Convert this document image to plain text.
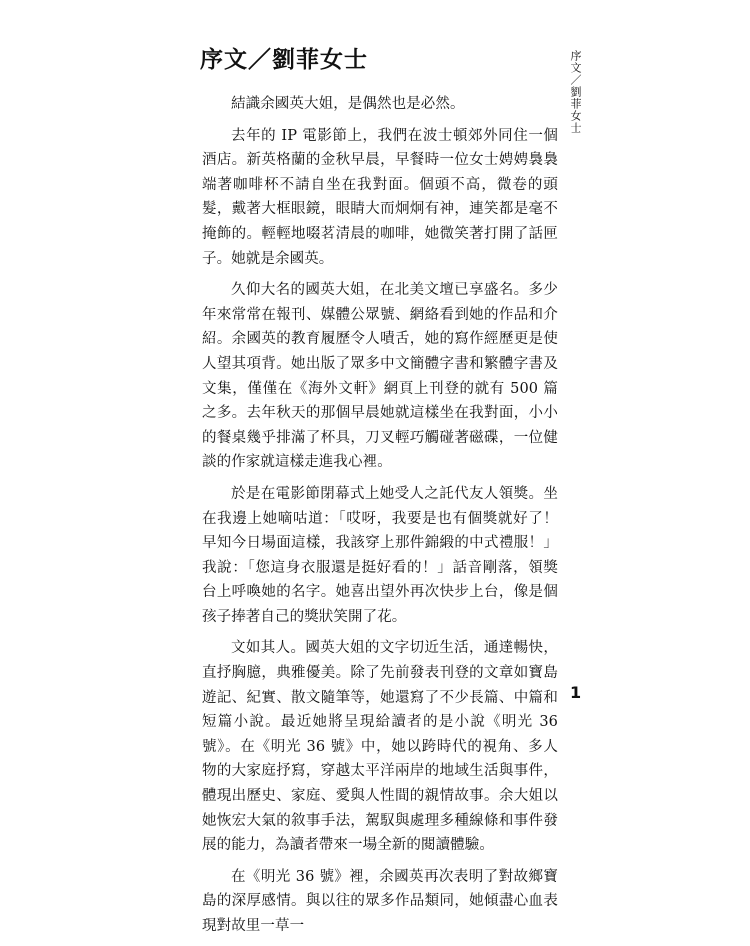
序文／劉菲女士

結識余國英大姐，是偶然也是必然。

去年的 IP 電影節上，我們在波士頓郊外同住一個酒店。新英格蘭的金秋早晨，早餐時一位女士娉娉裊裊端著咖啡杯不請自坐在我對面。個頭不高，微卷的頭髮，戴著大框眼鏡，眼睛大而炯炯有神，連笑都是毫不掩飾的。輕輕地啜茗清晨的咖啡，她微笑著打開了話匣子。她就是余國英。

久仰大名的國英大姐，在北美文壇已享盛名。多少年來常常在報刊、媒體公眾號、網絡看到她的作品和介紹。余國英的教育履歷令人嘖舌，她的寫作經歷更是使人望其項背。她出版了眾多中文簡體字書和繁體字書及文集，僅僅在《海外文軒》網頁上刊登的就有 500 篇之多。去年秋天的那個早晨她就這樣坐在我對面，小小的餐桌幾乎排滿了杯具，刀叉輕巧觸碰著磁碟，一位健談的作家就這樣走進我心裡。

於是在電影節閉幕式上她受人之託代友人領獎。坐在我邊上她嘀咕道：「哎呀，我要是也有個獎就好了！早知今日場面這樣，我該穿上那件錦緞的中式禮服！」我說：「您這身衣服還是挺好看的！」話音剛落，領獎台上呼喚她的名字。她喜出望外再次快步上台，像是個孩子捧著自己的獎狀笑開了花。

文如其人。國英大姐的文字切近生活，通達暢快，直抒胸臆，典雅優美。除了先前發表刊登的文章如寶島遊記、紀實、散文隨筆等，她還寫了不少長篇、中篇和短篇小說。最近她將呈現給讀者的是小說《明光 36 號》。在《明光 36 號》中，她以跨時代的視角、多人物的大家庭抒寫，穿越太平洋兩岸的地域生活與事件，體現出歷史、家庭、愛與人性間的親情故事。余大姐以她恢宏大氣的敘事手法，駕馭與處理多種線條和事件發展的能力，為讀者帶來一場全新的閱讀體驗。

在《明光 36 號》裡，余國英再次表明了對故鄉寶島的深厚感情。與以往的眾多作品類同，她傾盡心血表現對故里一草一

序文／劉菲女士
1
